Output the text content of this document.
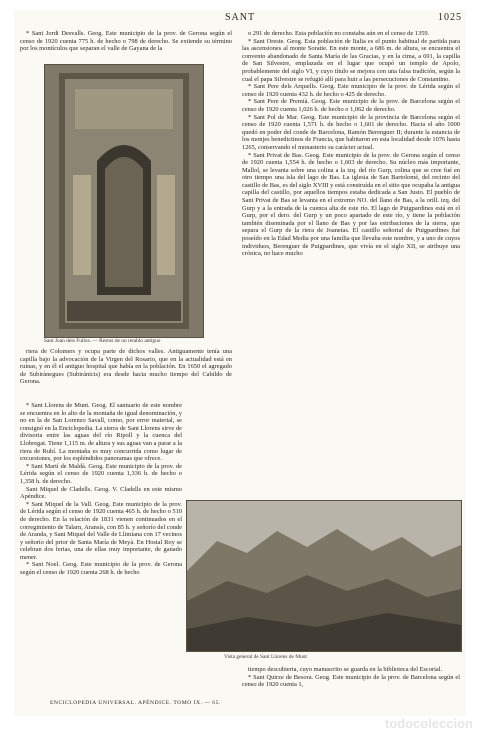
SANT	1025

* Sant Jordi Desvalls. Geog. Este municipio de la prov. de Gerona según el censo de 1920 cuenta 775 h. de hecho o 798 de derecho. Se extiende su término por los montículos que separan el valle de Gayana de la

Sant Joan dels Fullos. — Restos de un retablo antiguo

riera de Colomers y ocupa parte de dichos valles. Antiguamente tenía una capilla bajo la advocación de la Virgen del Rosario, que en la actualidad está en ruinas, y en él el antiguo hospital que había en la población. En 1650 el agregado de Subirànegues (Subiránicis) era desde hacia mucho tiempo del Cabildo de Gerona.

* Sant Llorens de Munt. Geog. El santuario de este nombre se encuentra en lo alto de la montaña de igual denominación, y no en la de San Lorenzo Savall, como, por error material, se consignó en la Enciclopedia. La sierra de Sant Llorens sirve de divisoria entre las aguas del río Ripoll y la cuenca del Llobregat. Tiene 1,115 m. de altura y sus aguas van a parar a la riera de Rubí. La montaña es muy concurrida como lugar de excursiones, por los espléndidos panoramas que ofrece.

* Sant Martí de Maldà. Geog. Este municipio de la prov. de Lérida según el censo de 1920 cuenta 1,336 h. de hecho o 1,358 h. de derecho.

Sant Miquel de Cladells. Geog. V. Cladells en este mismo Apéndice.

* Sant Miquel de la Vall. Geog. Este municipio de la prov. de Lérida según el censo de 1920 cuenta 465 h. de hecho o 510 de derecho. En la relación de 1831 vienen continuados en el corregimiento de Talarn, Aransís, con 85 h. y señorío del conde de Aranda, y Sant Miquel del Valle de Llimiana con 17 vecinos y señorío del prior de Santa María de Meyà. En Hostal Roy se celebran dos ferias, una de ellas muy importante, de ganado mener.

* Sant Noel. Geog. Este municipio de la prov. de Gerona según el censo de 1920 cuenta 268 h. de hecho

o 291 de derecho. Esta población no constaba aún en el censo de 1359.

* Sant Oreste. Geog. Esta población de Italia es el punto habitual de partida para las ascensiones al monte Soratte. En este monte, a 686 m. de altura, se encuentra el convento abandonado de Santa María de las Gracias, y en la cima, a 691, la capilla de San Silvestre, emplazada en el lugar que ocupó un templo de Apolo, probablemente del siglo VI, y cuyo título se mejora con una falsa tradición, según la cual el papa Silvestre se refugió allí para huir a las persecuciones de Constantino.

* Sant Pere dels Arquells. Geog. Este municipio de la prov. de Lérida según el censo de 1920 cuenta 432 h. de hecho o 425 de derecho.

* Sant Pere de Premià. Geog. Este municipio de la prov. de Barcelona según el censo de 1920 cuenta 1,026 h. de hecho o 1,062 de derecho.

* Sant Pol de Mar. Geog. Este municipio de la provincia de Barcelona según el censo de 1920 cuenta 1,571 h. de hecho o 1,601 de derecho. Hacia el año 1000 quedó en poder del conde de Barcelona, Ramón Berenguer II; durante la estancia de los monjes benedictinos de Francia, que habitaron en esta localidad desde 1076 hasta 1265, conservando el monasterio su carácter actual.

* Sant Privat de Bas. Geog. Este municipio de la prov. de Gerona según el censo de 1920 cuenta 1,554 h. de hecho o 1,603 de derecho. Su núcleo más importante, Mallol, se levanta sobre una colina a la izq. del río Gurp, colina que se cree fué en otro tiempo una isla del lago de Bas. La iglesia de San Bartolomé, del recinto del castillo de Bas, es del siglo XVIII y está construída en el sitio que ocupaba la antigua capilla del castillo, por aquellos tiempos estaba dedicada a San Justo. El pueblo de Sant Privat de Bas se levanta en el extremo NO. del llano de Bas, a la orill. izq. del Gurp y a la entrada de la cuenca alta de este río. El lago de Puigpardines está en el Gurp, por el dero. del Gurp y un poco apartado de este río, y tiene la población también diseminada por el llano de Bas y por las estribaciones de la sierra, que separa el Gurp de la riera de Joanetas. El castillo señorial de Puigpardines fué poseído en la Edad Media por una familia que llevaba este nombre, y a uno de cuyos individuos, Berenguer de Puigpardines, que vivía en el siglo XII, se atribuye una crónica, no hace mucho

Vista general de Sant Llorens de Munt

tiempo descubierta, cuyo manuscrito se guarda en la biblioteca del Escorial.

* Sant Quirze de Besora. Geog. Este municipio de la prov. de Barcelona según el censo de 1920 cuenta 1,

ENCICLOPEDIA UNIVERSAL. APÉNDICE. TOMO IX. — 65.
todocoleccion
